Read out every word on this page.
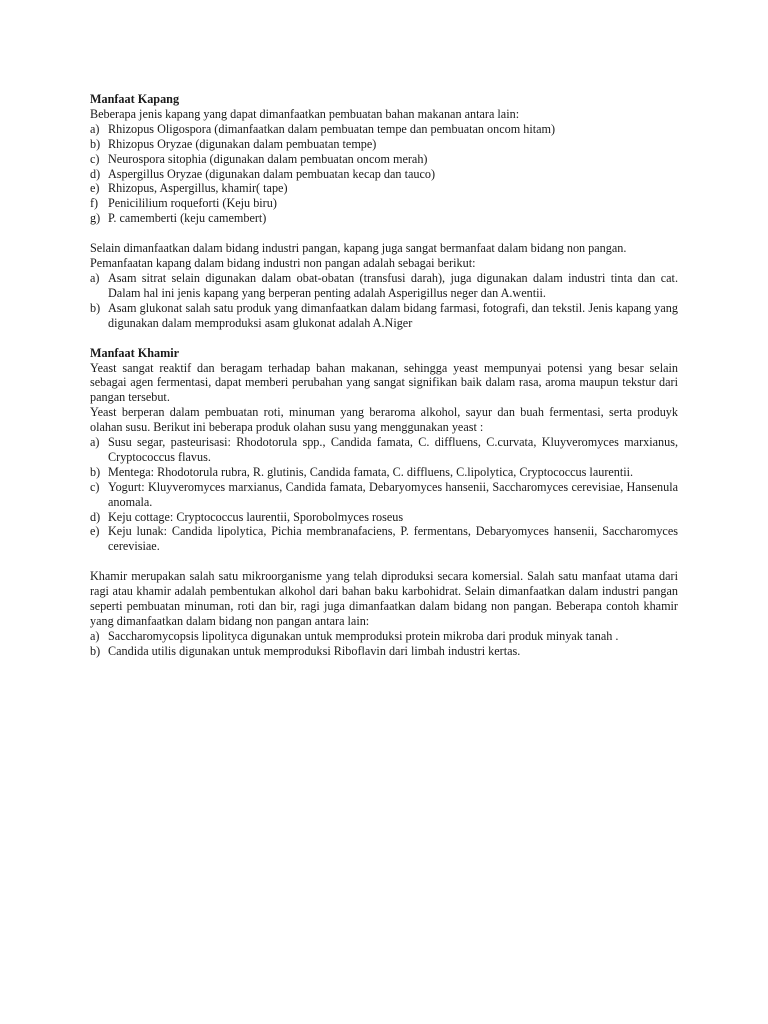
Manfaat Kapang

Beberapa jenis kapang yang dapat dimanfaatkan pembuatan bahan makanan antara lain:

a) Rhizopus Oligospora (dimanfaatkan dalam pembuatan tempe dan pembuatan oncom hitam)
b) Rhizopus Oryzae (digunakan dalam pembuatan tempe)
c) Neurospora sitophia (digunakan dalam pembuatan oncom merah)
d) Aspergillus Oryzae (digunakan dalam pembuatan kecap dan tauco)
e) Rhizopus, Aspergillus, khamir( tape)
f) Penicililium roqueforti (Keju biru)
g) P. camemberti (keju camembert)

Selain dimanfaatkan dalam bidang industri pangan, kapang juga sangat bermanfaat dalam bidang non pangan.

Pemanfaatan kapang dalam bidang industri non pangan adalah sebagai berikut:

a) Asam sitrat selain digunakan dalam obat-obatan (transfusi darah), juga digunakan dalam industri tinta dan cat. Dalam hal ini jenis kapang yang berperan penting adalah Asperigillus neger dan A.wentii.
b) Asam glukonat salah satu produk yang dimanfaatkan dalam bidang farmasi, fotografi, dan tekstil. Jenis kapang yang digunakan dalam memproduksi asam glukonat adalah A.Niger

Manfaat Khamir

Yeast sangat reaktif dan beragam terhadap bahan makanan, sehingga yeast mempunyai potensi yang besar selain sebagai agen fermentasi, dapat memberi perubahan yang sangat signifikan baik dalam rasa, aroma maupun tekstur dari pangan tersebut.

Yeast berperan dalam pembuatan roti, minuman yang beraroma alkohol, sayur dan buah fermentasi, serta produyk olahan susu. Berikut ini beberapa produk olahan susu yang menggunakan yeast :

a) Susu segar, pasteurisasi: Rhodotorula spp., Candida famata, C. diffluens, C.curvata, Kluyveromyces marxianus, Cryptococcus flavus.
b) Mentega: Rhodotorula rubra, R. glutinis, Candida famata, C. diffluens, C.lipolytica, Cryptococcus laurentii.
c) Yogurt: Kluyveromyces marxianus, Candida famata, Debaryomyces hansenii, Saccharomyces cerevisiae, Hansenula anomala.
d) Keju cottage: Cryptococcus laurentii, Sporobolmyces roseus
e) Keju lunak: Candida lipolytica, Pichia membranafaciens, P. fermentans, Debaryomyces hansenii, Saccharomyces cerevisiae.

Khamir merupakan salah satu mikroorganisme yang telah diproduksi secara komersial. Salah satu manfaat utama dari ragi atau khamir adalah pembentukan alkohol dari bahan baku karbohidrat. Selain dimanfaatkan dalam industri pangan seperti pembuatan minuman, roti dan bir, ragi juga dimanfaatkan dalam bidang non pangan. Beberapa contoh khamir yang dimanfaatkan dalam bidang non pangan antara lain:

a) Saccharomycopsis lipolityca digunakan untuk memproduksi protein mikroba dari produk minyak tanah .
b) Candida utilis digunakan untuk memproduksi Riboflavin dari limbah industri kertas.
